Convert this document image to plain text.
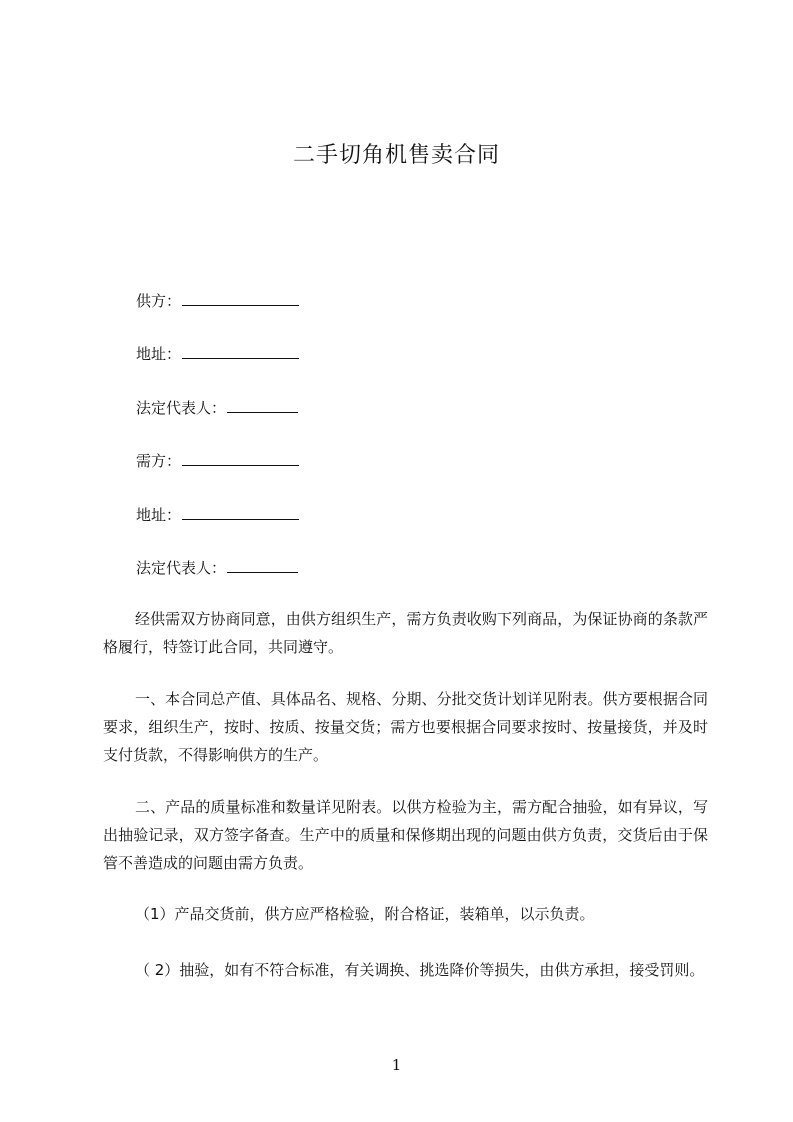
二手切角机售卖合同
供方：
地址：
法定代表人：
需方：
地址：
法定代表人：

经供需双方协商同意，由供方组织生产，需方负责收购下列商品，为保证协商的条款严格履行，特签订此合同，共同遵守。

一、本合同总产值、具体品名、规格、分期、分批交货计划详见附表。供方要根据合同要求，组织生产，按时、按质、按量交货；需方也要根据合同要求按时、按量接货，并及时支付货款，不得影响供方的生产。

二、产品的质量标准和数量详见附表。以供方检验为主，需方配合抽验，如有异议，写出抽验记录，双方签字备查。生产中的质量和保修期出现的问题由供方负责，交货后由于保管不善造成的问题由需方负责。

（1）产品交货前，供方应严格检验，附合格证，装箱单，以示负责。

（ 2）抽验，如有不符合标准，有关调换、挑选降价等损失，由供方承担，接受罚则。

1
